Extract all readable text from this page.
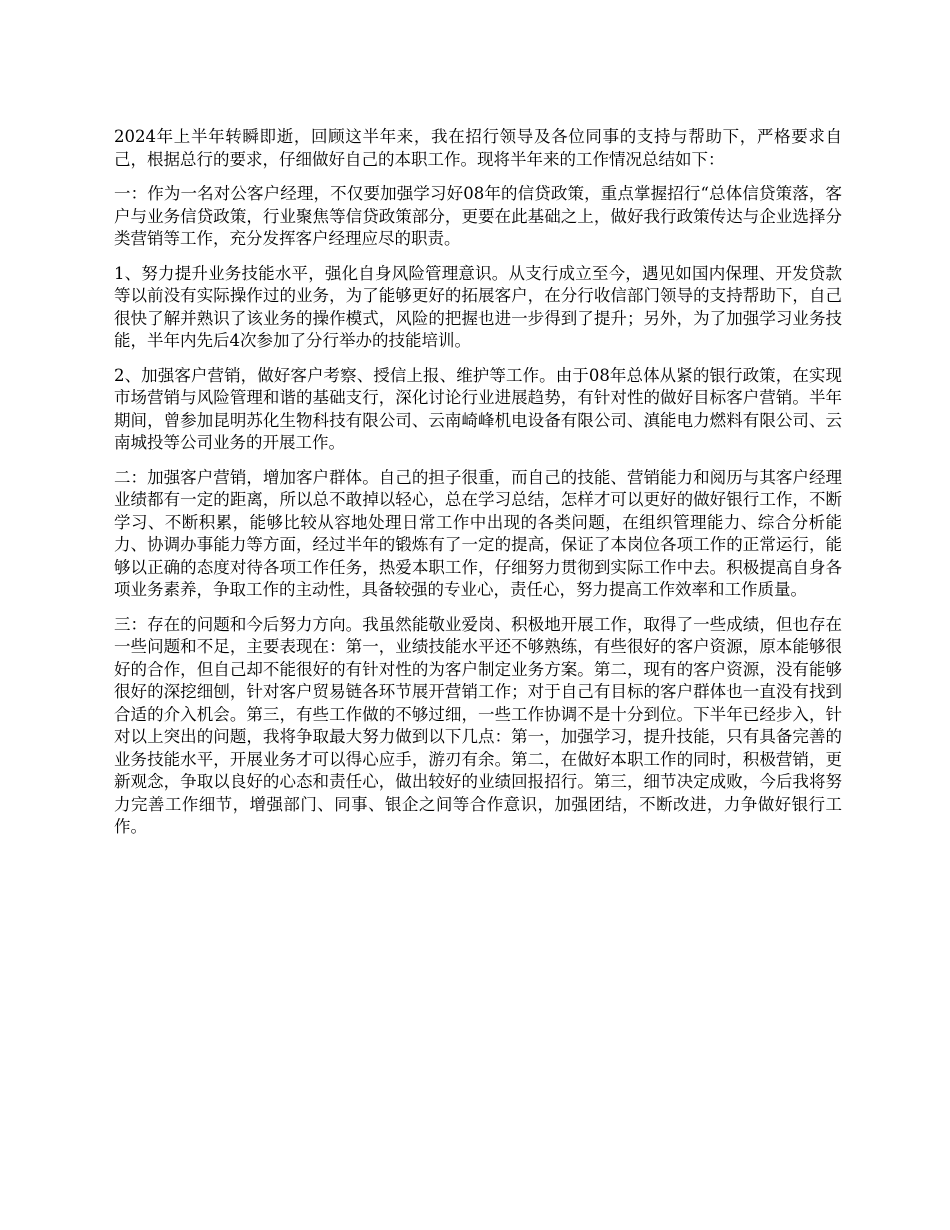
2024年上半年转瞬即逝，回顾这半年来，我在招行领导及各位同事的支持与帮助下，严格要求自己，根据总行的要求，仔细做好自己的本职工作。现将半年来的工作情况总结如下：

一：作为一名对公客户经理，不仅要加强学习好08年的信贷政策，重点掌握招行“总体信贷策落，客户与业务信贷政策，行业聚焦等信贷政策部分，更要在此基础之上，做好我行政策传达与企业选择分类营销等工作，充分发挥客户经理应尽的职责。

1、努力提升业务技能水平，强化自身风险管理意识。从支行成立至今，遇见如国内保理、开发贷款等以前没有实际操作过的业务，为了能够更好的拓展客户，在分行收信部门领导的支持帮助下，自己很快了解并熟识了该业务的操作模式，风险的把握也进一步得到了提升；另外，为了加强学习业务技能，半年内先后4次参加了分行举办的技能培训。

2、加强客户营销，做好客户考察、授信上报、维护等工作。由于08年总体从紧的银行政策，在实现市场营销与风险管理和谐的基础支行，深化讨论行业进展趋势，有针对性的做好目标客户营销。半年期间，曾参加昆明苏化生物科技有限公司、云南崎峰机电设备有限公司、滇能电力燃料有限公司、云南城投等公司业务的开展工作。

二：加强客户营销，增加客户群体。自己的担子很重，而自己的技能、营销能力和阅历与其客户经理业绩都有一定的距离，所以总不敢掉以轻心，总在学习总结，怎样才可以更好的做好银行工作，不断学习、不断积累，能够比较从容地处理日常工作中出现的各类问题，在组织管理能力、综合分析能力、协调办事能力等方面，经过半年的锻炼有了一定的提高，保证了本岗位各项工作的正常运行，能够以正确的态度对待各项工作任务，热爱本职工作，仔细努力贯彻到实际工作中去。积极提高自身各项业务素养，争取工作的主动性，具备较强的专业心，责任心，努力提高工作效率和工作质量。

三：存在的问题和今后努力方向。我虽然能敬业爱岗、积极地开展工作，取得了一些成绩，但也存在一些问题和不足，主要表现在：第一，业绩技能水平还不够熟练，有些很好的客户资源，原本能够很好的合作，但自己却不能很好的有针对性的为客户制定业务方案。第二，现有的客户资源，没有能够很好的深挖细刨，针对客户贸易链各环节展开营销工作；对于自己有目标的客户群体也一直没有找到合适的介入机会。第三，有些工作做的不够过细，一些工作协调不是十分到位。下半年已经步入，针对以上突出的问题，我将争取最大努力做到以下几点：第一，加强学习，提升技能，只有具备完善的业务技能水平，开展业务才可以得心应手，游刃有余。第二，在做好本职工作的同时，积极营销，更新观念，争取以良好的心态和责任心，做出较好的业绩回报招行。第三，细节决定成败，今后我将努力完善工作细节，增强部门、同事、银企之间等合作意识，加强团结，不断改进，力争做好银行工作。
